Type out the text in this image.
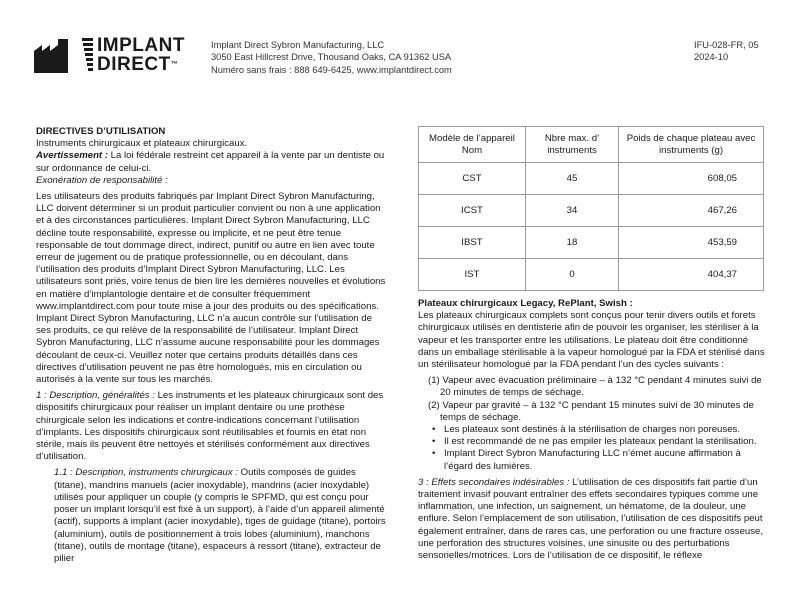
IMPLANT
DIRECT™
Implant Direct Sybron Manufacturing, LLC
3050 East Hillcrest Drive, Thousand Oaks, CA 91362 USA
Numéro sans frais : 888 649-6425, www.implantdirect.com
IFU-028-FR, 05
2024-10

DIRECTIVES D’UTILISATION

Instruments chirurgicaux et plateaux chirurgicaux.

Avertissement : La loi fédérale restreint cet appareil à la vente par un dentiste ou sur ordonnance de celui-ci.

Exonération de responsabilité :

Les utilisateurs des produits fabriqués par Implant Direct Sybron Manufacturing, LLC doivent déterminer si un produit particulier convient ou non à une application et à des circonstances particulières. Implant Direct Sybron Manufacturing, LLC décline toute responsabilité, expresse ou implicite, et ne peut être tenue responsable de tout dommage direct, indirect, punitif ou autre en lien avec toute erreur de jugement ou de pratique professionnelle, ou en découlant, dans l’utilisation des produits d’Implant Direct Sybron Manufacturing, LLC. Les utilisateurs sont priés, voire tenus de bien lire les dernières nouvelles et évolutions en matière d’implantologie dentaire et de consulter fréquemment www.implantdirect.com pour toute mise à jour des produits ou des spécifications. Implant Direct Sybron Manufacturing, LLC n’a aucun contrôle sur l’utilisation de ses produits, ce qui relève de la responsabilité de l’utilisateur. Implant Direct Sybron Manufacturing, LLC n’assume aucune responsabilité pour les dommages découlant de ceux-ci. Veuillez noter que certains produits détaillés dans ces directives d’utilisation peuvent ne pas être homologués, mis en circulation ou autorisés à la vente sur tous les marchés.

1 : Description, généralités : Les instruments et les plateaux chirurgicaux sont des dispositifs chirurgicaux pour réaliser un implant dentaire ou une prothèse chirurgicale selon les indications et contre-indications concernant l’utilisation d’implants. Les dispositifs chirurgicaux sont réutilisables et fournis en état non stérile, mais ils peuvent être nettoyés et stérilisés conformément aux directives d’utilisation.

1.1 : Description, instruments chirurgicaux : Outils composés de guides (titane), mandrins manuels (acier inoxydable), mandrins (acier inoxydable) utilisés pour appliquer un couple (y compris le SPFMD, qui est conçu pour poser un implant lorsqu’il est fixé à un support), à l’aide d’un appareil alimenté (actif), supports à implant (acier inoxydable), tiges de guidage (titane), portoirs (aluminium), outils de positionnement à trois lobes (aluminium), manchons (titane), outils de montage (titane), espaceurs à ressort (titane), extracteur de pilier

Modèle de l’appareil Nom	Nbre max. d’ instruments	Poids de chaque plateau avec instruments (g)
CST	45	608,05
ICST	34	467,26
IBST	18	453,59
IST	0	404,37

Plateaux chirurgicaux Legacy, RePlant, Swish :

Les plateaux chirurgicaux complets sont conçus pour tenir divers outils et forets chirurgicaux utilisés en dentisterie afin de pouvoir les organiser, les stériliser à la vapeur et les transporter entre les utilisations. Le plateau doit être conditionné dans un emballage stérilisable à la vapeur homologué par la FDA et stérilisé dans un stérilisateur homologué par la FDA pendant l’un des cycles suivants :

(1) Vapeur avec évacuation préliminaire – à 132 °C pendant 4 minutes suivi de 20 minutes de temps de séchage.

(2) Vapeur par gravité – à 132 °C pendant 15 minutes suivi de 30 minutes de temps de séchage.

• Les plateaux sont destinés à la stérilisation de charges non poreuses.
• Il est recommandé de ne pas empiler les plateaux pendant la stérilisation.
• Implant Direct Sybron Manufacturing LLC n’émet aucune affirmation à l’égard des lumières.

3 : Effets secondaires indésirables : L’utilisation de ces dispositifs fait partie d’un traitement invasif pouvant entraîner des effets secondaires typiques comme une inflammation, une infection, un saignement, un hématome, de la douleur, une enflure. Selon l’emplacement de son utilisation, l’utilisation de ces dispositifs peut également entraîner, dans de rares cas, une perforation ou une fracture osseuse, une perforation des structures voisines, une sinusite ou des perturbations sensorielles/motrices. Lors de l’utilisation de ce dispositif, le réflexe
